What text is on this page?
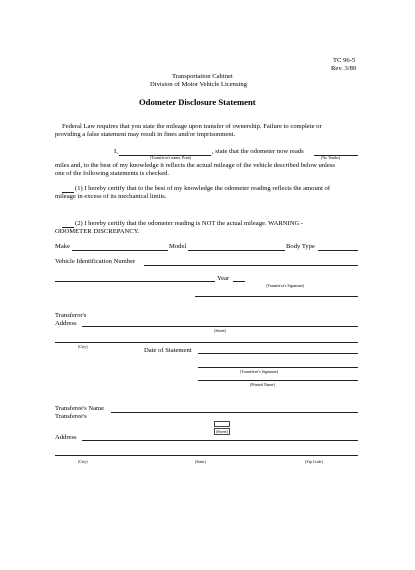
TC 96-5
Rev. 3/89
Transportation Cabinet
Division of Motor Vehicle Licensing
Odometer Disclosure Statement
Federal Law requires that you state the mileage upon transfer of ownership. Failure to complete or
providing a false statement may result in fines and/or imprisonment.
I,	, state that the odometer now reads
(Transferor's name, Print)	(No Tenths)
miles and, to the best of my knowledge it reflects the actual mileage of the vehicle described below unless
one of the following statements is checked.
(1) I hereby certify that to the best of my knowledge the odometer reading reflects the amount of
mileage in excess of its mechanical limits.
(2) I hereby certify that the odometer reading is NOT the actual mileage. WARNING -
ODOMETER DISCREPANCY.
Make	Model	Body Type
Vehicle Identification Number
Year
(Transferor's Signature)
Transferor's
Address
(Street)
(City)
Date of Statement
(Transferee's Signature)
(Printed Name)
Transferee's Name
Transferee's
(Street)
Address
(City)	(State)	(Zip Code)
